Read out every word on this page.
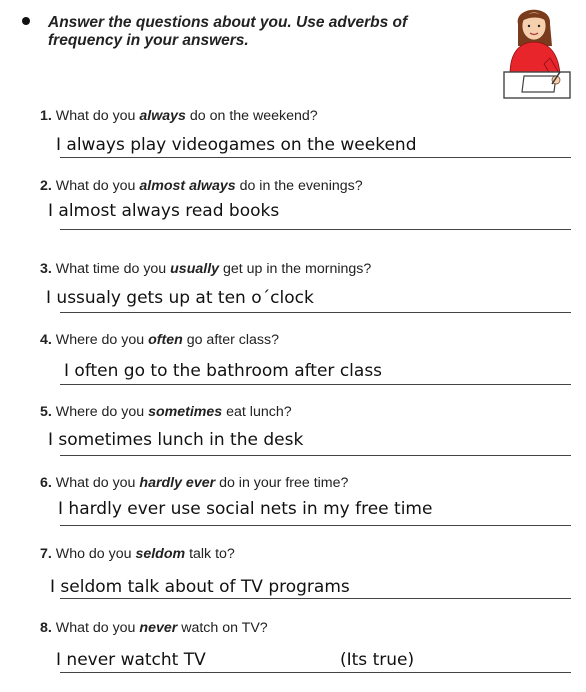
Answer the questions about you. Use adverbs of
frequency in your answers.
1. What do you always do on the weekend?
I always play videogames on the weekend
2. What do you almost always do in the evenings?
I almost always read books
3. What time do you usually get up in the mornings?
I ussualy gets up at ten o´clock
4. Where do you often go after class?
I often go to the bathroom after class
5. Where do you sometimes eat lunch?
I sometimes lunch in the desk
6. What do you hardly ever do in your free time?
I hardly ever use social nets in my free time
7. Who do you seldom talk to?
I seldom talk about of TV programs
8. What do you never watch on TV?
I never watcht TV	(Its true)
